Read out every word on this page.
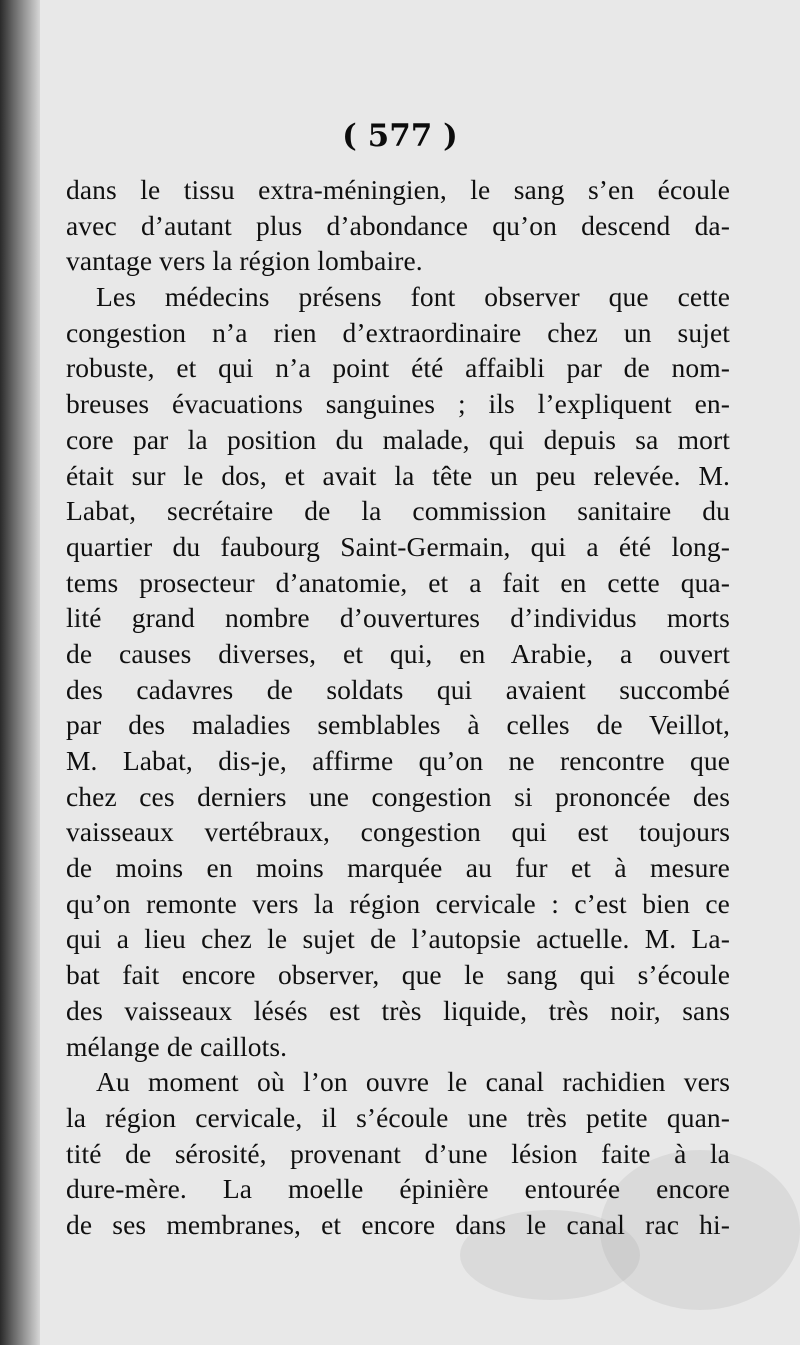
( 577 )
dans le tissu extra-méningien, le sang s’en écoule
avec d’autant plus d’abondance qu’on descend da-
vantage vers la région lombaire.
Les médecins présens font observer que cette
congestion n’a rien d’extraordinaire chez un sujet
robuste, et qui n’a point été affaibli par de nom-
breuses évacuations sanguines ; ils l’expliquent en-
core par la position du malade, qui depuis sa mort
était sur le dos, et avait la tête un peu relevée. M.
Labat, secrétaire de la commission sanitaire du
quartier du faubourg Saint-Germain, qui a été long-
tems prosecteur d’anatomie, et a fait en cette qua-
lité grand nombre d’ouvertures d’individus morts
de causes diverses, et qui, en Arabie, a ouvert
des cadavres de soldats qui avaient succombé
par des maladies semblables à celles de Veillot,
M. Labat, dis-je, affirme qu’on ne rencontre que
chez ces derniers une congestion si prononcée des
vaisseaux vertébraux, congestion qui est toujours
de moins en moins marquée au fur et à mesure
qu’on remonte vers la région cervicale : c’est bien ce
qui a lieu chez le sujet de l’autopsie actuelle. M. La-
bat fait encore observer, que le sang qui s’écoule
des vaisseaux lésés est très liquide, très noir, sans
mélange de caillots.
Au moment où l’on ouvre le canal rachidien vers
la région cervicale, il s’écoule une très petite quan-
tité de sérosité, provenant d’une lésion faite à la
dure-mère. La moelle épinière entourée encore
de ses membranes, et encore dans le canal rac hi-
